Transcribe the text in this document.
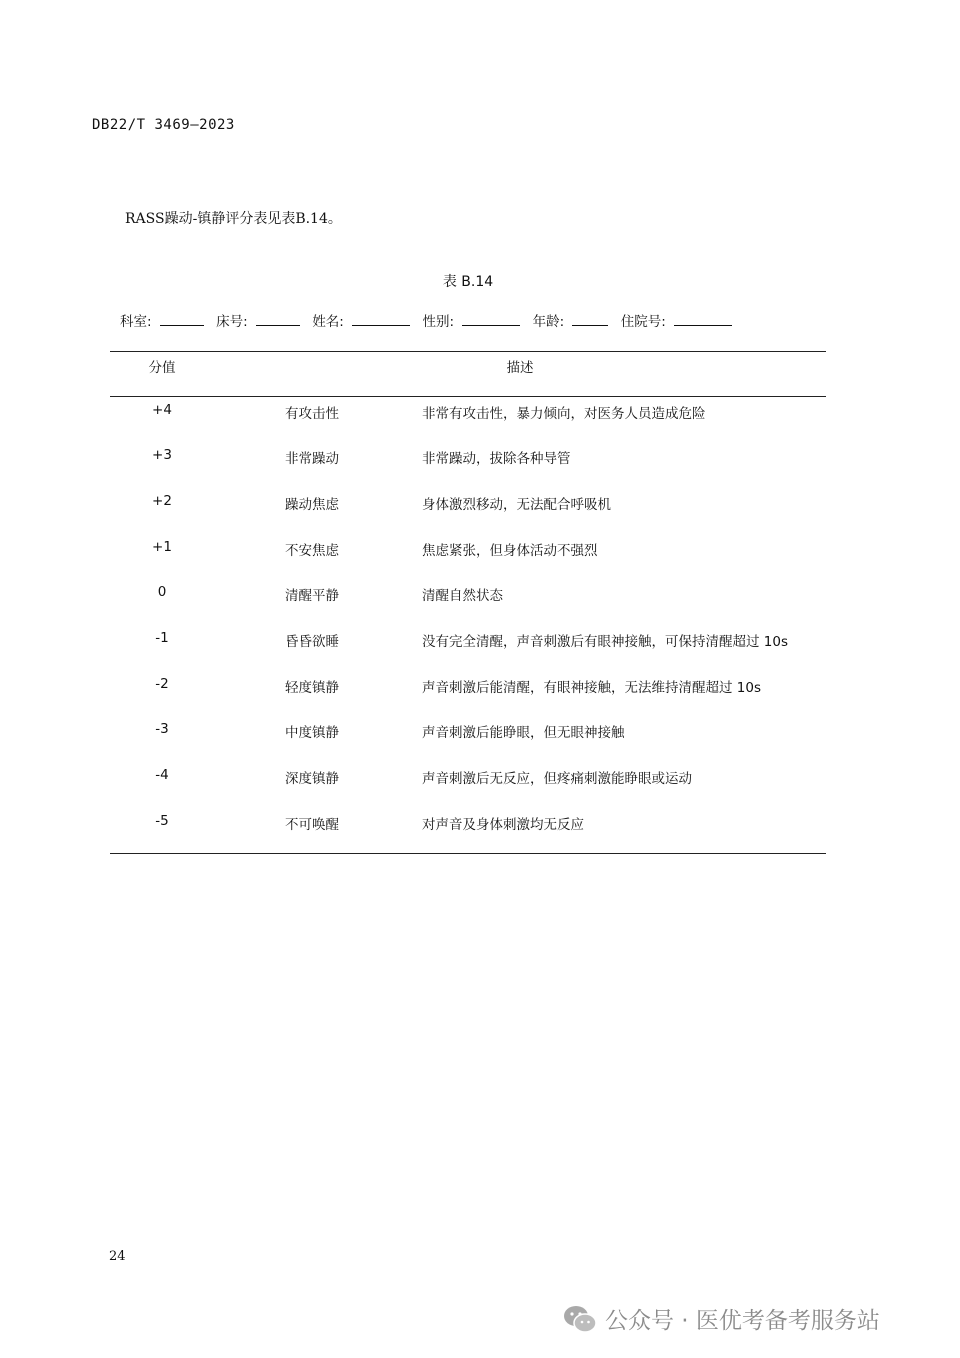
DB22/T 3469—2023
RASS躁动-镇静评分表见表B.14。
表 B.14
科室:	床号:	姓名:	性别:	年龄:	住院号:
分值	描述
+4	有攻击性	非常有攻击性，暴力倾向，对医务人员造成危险
+3	非常躁动	非常躁动，拔除各种导管
+2	躁动焦虑	身体激烈移动，无法配合呼吸机
+1	不安焦虑	焦虑紧张，但身体活动不强烈
0	清醒平静	清醒自然状态
-1	昏昏欲睡	没有完全清醒，声音刺激后有眼神接触，可保持清醒超过 10s
-2	轻度镇静	声音刺激后能清醒，有眼神接触，无法维持清醒超过 10s
-3	中度镇静	声音刺激后能睁眼，但无眼神接触
-4	深度镇静	声音刺激后无反应，但疼痛刺激能睁眼或运动
-5	不可唤醒	对声音及身体刺激均无反应
24
公众号 · 医优考备考服务站
